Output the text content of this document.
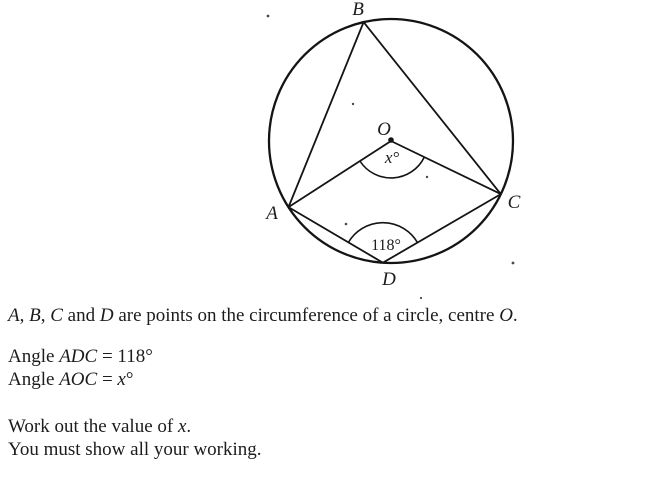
B
O
A
C
D
x°
118°
A, B, C and D are points on the circumference of a circle, centre O.
Angle ADC = 118°
Angle AOC = x°
Work out the value of x.
You must show all your working.
